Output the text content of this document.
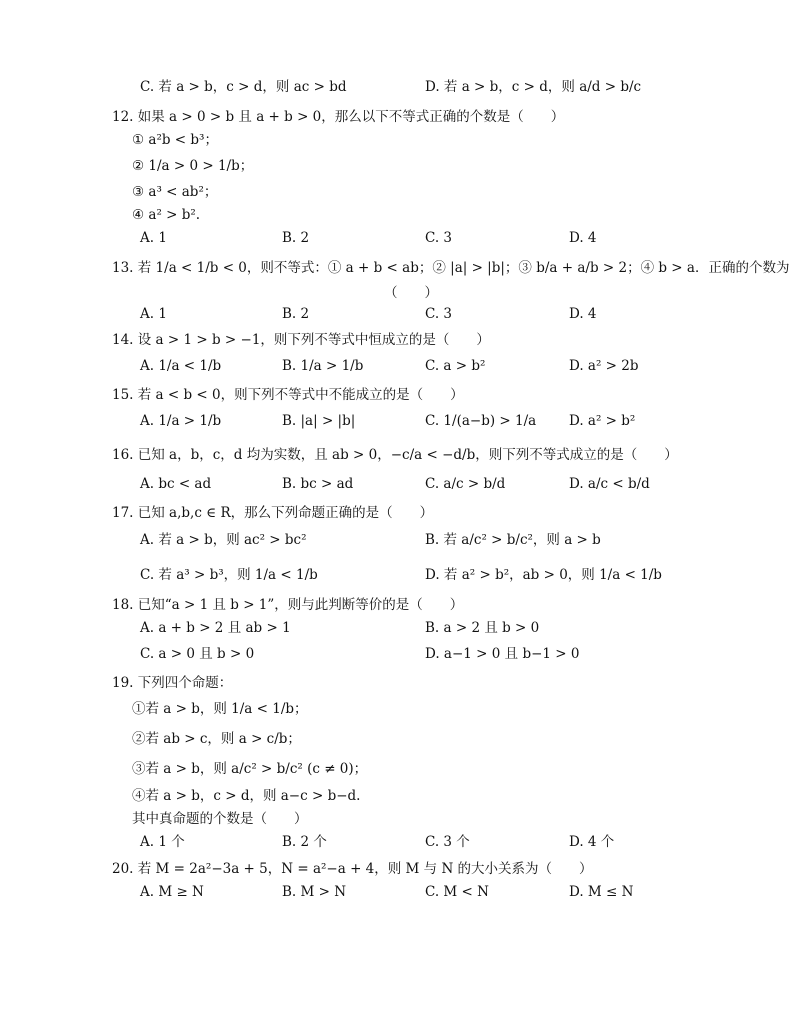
C. 若 a > b，c > d，则 ac > bd	D. 若 a > b，c > d，则 a/d > b/c
12. 如果 a > 0 > b 且 a + b > 0，那么以下不等式正确的个数是（　　）
① a²b < b³；
② 1/a > 0 > 1/b；
③ a³ < ab²；
④ a² > b².
A. 1	B. 2	C. 3	D. 4
13. 若 1/a < 1/b < 0，则不等式：① a + b < ab；② |a| > |b|；③ b/a + a/b > 2；④ b > a．正确的个数为
（　　）
A. 1	B. 2	C. 3	D. 4
14. 设 a > 1 > b > −1，则下列不等式中恒成立的是（　　）
A. 1/a < 1/b	B. 1/a > 1/b	C. a > b²	D. a² > 2b
15. 若 a < b < 0，则下列不等式中不能成立的是（　　）
A. 1/a > 1/b	B. |a| > |b|	C. 1/(a−b) > 1/a D. a² > b²
16. 已知 a，b，c，d 均为实数，且 ab > 0，−c/a < −d/b，则下列不等式成立的是（　　）
A. bc < ad	B. bc > ad	C. a/c > b/d	D. a/c < b/d
17. 已知 a,b,c ∈ R，那么下列命题正确的是（　　）
A. 若 a > b，则 ac² > bc²	B. 若 a/c² > b/c²，则 a > b
C. 若 a³ > b³，则 1/a < 1/b	D. 若 a² > b²，ab > 0，则 1/a < 1/b
18. 已知“a > 1 且 b > 1”，则与此判断等价的是（　　）
A. a + b > 2 且 ab > 1	B. a > 2 且 b > 0
C. a > 0 且 b > 0	D. a−1 > 0 且 b−1 > 0
19. 下列四个命题：
①若 a > b，则 1/a < 1/b；
②若 ab > c，则 a > c/b；
③若 a > b，则 a/c² > b/c² (c ≠ 0)；
④若 a > b，c > d，则 a−c > b−d.
其中真命题的个数是（　　）
A. 1 个	B. 2 个	C. 3 个	D. 4 个
20. 若 M = 2a²−3a + 5，N = a²−a + 4，则 M 与 N 的大小关系为（　　）
A. M ≥ N	B. M > N	C. M < N	D. M ≤ N
